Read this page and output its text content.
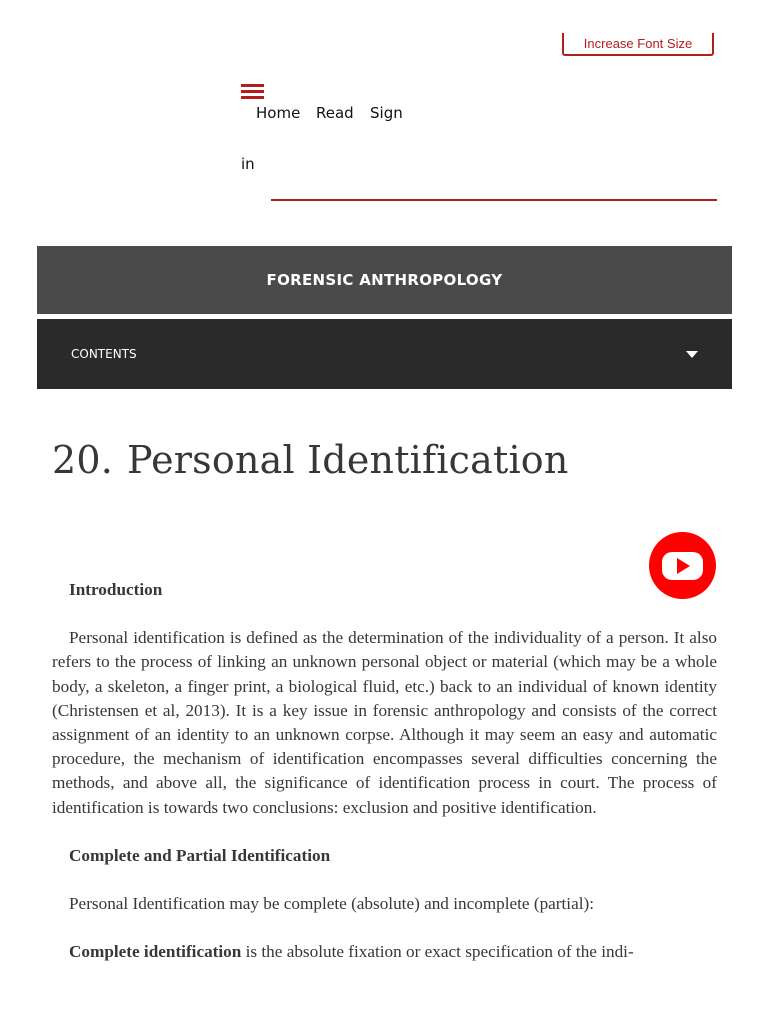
Increase Font Size
Home Read Sign
in
FORENSIC ANTHROPOLOGY
CONTENTS
20. Personal Identification

Introduction

Personal identification is defined as the determination of the individuality of a person. It also refers to the process of linking an unknown personal object or material (which may be a whole body, a skeleton, a finger print, a biological fluid, etc.) back to an individual of known identity (Christensen et al, 2013). It is a key issue in forensic anthropology and consists of the correct assignment of an identity to an unknown corpse. Although it may seem an easy and automatic procedure, the mechanism of identification encompasses several difficulties concerning the methods, and above all, the significance of identification process in court. The process of identification is towards two conclusions: exclusion and positive identification.

Complete and Partial Identification

Personal Identification may be complete (absolute) and incomplete (partial):

Complete identification is the absolute fixation or exact specification of the indi-
